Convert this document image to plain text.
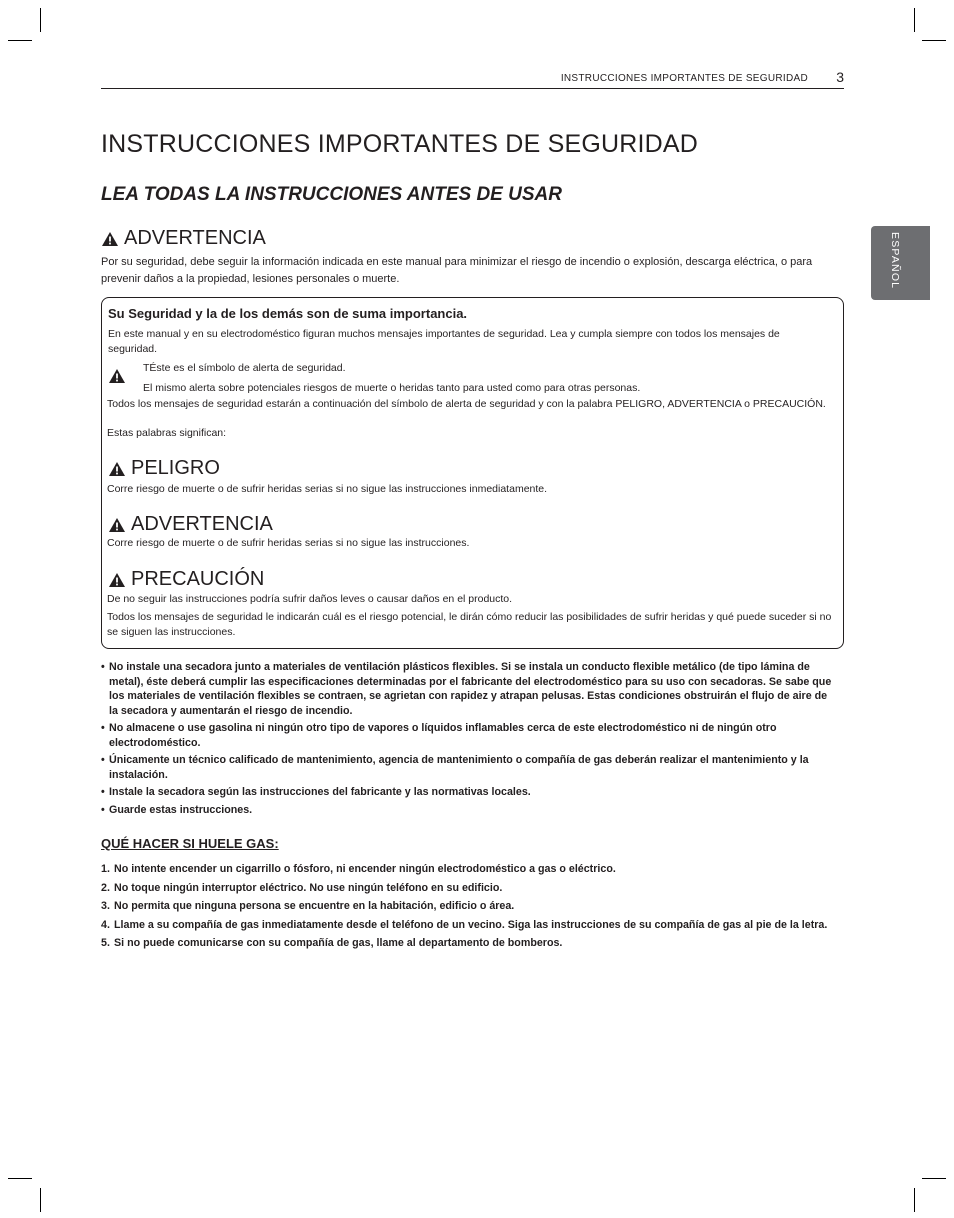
INSTRUCCIONES IMPORTANTES DE SEGURIDAD 3
ESPAÑOL
INSTRUCCIONES IMPORTANTES DE SEGURIDAD
LEA TODAS LA INSTRUCCIONES ANTES DE USAR
ADVERTENCIA

Por su seguridad, debe seguir la información indicada en este manual para minimizar el riesgo de incendio o explosión, descarga eléctrica, o para prevenir daños a la propiedad, lesiones personales o muerte.

Su Seguridad y la de los demás son de suma importancia.

En este manual y en su electrodoméstico figuran muchos mensajes importantes de seguridad. Lea y cumpla siempre con todos los mensajes de seguridad.

TÉste es el símbolo de alerta de seguridad.

El mismo alerta sobre potenciales riesgos de muerte o heridas tanto para usted como para otras personas.

Todos los mensajes de seguridad estarán a continuación del símbolo de alerta de seguridad y con la palabra PELIGRO, ADVERTENCIA o PRECAUCIÓN.

Estas palabras significan:

PELIGRO

Corre riesgo de muerte o de sufrir heridas serias si no sigue las instrucciones inmediatamente.

ADVERTENCIA

Corre riesgo de muerte o de sufrir heridas serias si no sigue las instrucciones.

PRECAUCIÓN

De no seguir las instrucciones podría sufrir daños leves o causar daños en el producto.

Todos los mensajes de seguridad le indicarán cuál es el riesgo potencial, le dirán cómo reducir las posibilidades de sufrir heridas y qué puede suceder si no se siguen las instrucciones.

• No instale una secadora junto a materiales de ventilación plásticos flexibles. Si se instala un conducto flexible metálico (de tipo lámina de metal), éste deberá cumplir las especificaciones determinadas por el fabricante del electrodoméstico para su uso con secadoras. Se sabe que los materiales de ventilación flexibles se contraen, se agrietan con rapidez y atrapan pelusas. Estas condiciones obstruirán el flujo de aire de la secadora y aumentarán el riesgo de incendio.
• No almacene o use gasolina ni ningún otro tipo de vapores o líquidos inflamables cerca de este electrodoméstico ni de ningún otro electrodoméstico.
• Únicamente un técnico calificado de mantenimiento, agencia de mantenimiento o compañía de gas deberán realizar el mantenimiento y la instalación.
• Instale la secadora según las instrucciones del fabricante y las normativas locales.
• Guarde estas instrucciones.
QUÉ HACER SI HUELE GAS:
1. No intente encender un cigarrillo o fósforo, ni encender ningún electrodoméstico a gas o eléctrico.
2. No toque ningún interruptor eléctrico. No use ningún teléfono en su edificio.
3. No permita que ninguna persona se encuentre en la habitación, edificio o área.
4. Llame a su compañía de gas inmediatamente desde el teléfono de un vecino. Siga las instrucciones de su compañía de gas al pie de la letra.
5. Si no puede comunicarse con su compañía de gas, llame al departamento de bomberos.
